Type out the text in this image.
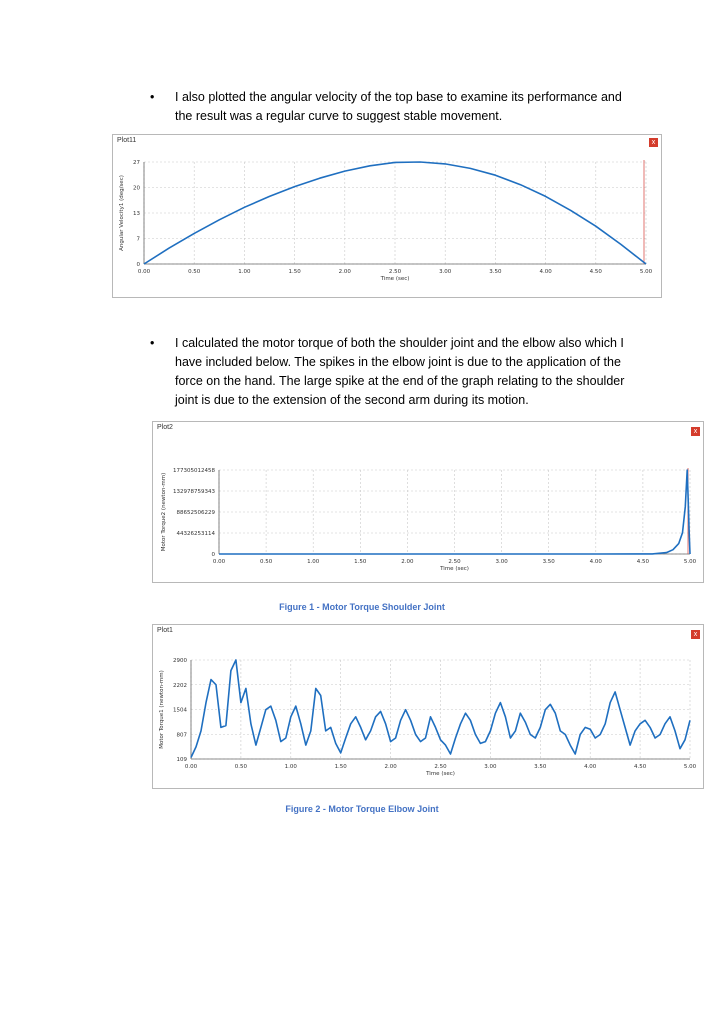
• I also plotted the angular velocity of the top base to examine its performance and
the result was a regular curve to suggest stable movement.
Plot11	x
0.00	0.50	1.00	1.50	2.00	2.50	3.00	3.50	4.00	4.50	5.00
0
7
13
20
27
Time (sec)
Angular Velocity1 (deg/sec)
• I calculated the motor torque of both the shoulder joint and the elbow also which I
have included below. The spikes in the elbow joint is due to the application of the
force on the hand. The large spike at the end of the graph relating to the shoulder
joint is due to the extension of the second arm during its motion.
Plot2
x
0.00	0.50	1.00	1.50	2.00	2.50	3.00	3.50	4.00	4.50	5.00
0
44326253114
88652506229
132978759343
177305012458
Time (sec)
Motor Torque2 (newton-mm)
Figure 1 - Motor Torque Shoulder Joint
Plot1
x
0.00	0.50	1.00	1.50	2.00	2.50	3.00	3.50	4.00	4.50	5.00
109
807
1504
2202
2900
Time (sec)
Motor Torque1 (newton-mm)
Figure 2 - Motor Torque Elbow Joint
